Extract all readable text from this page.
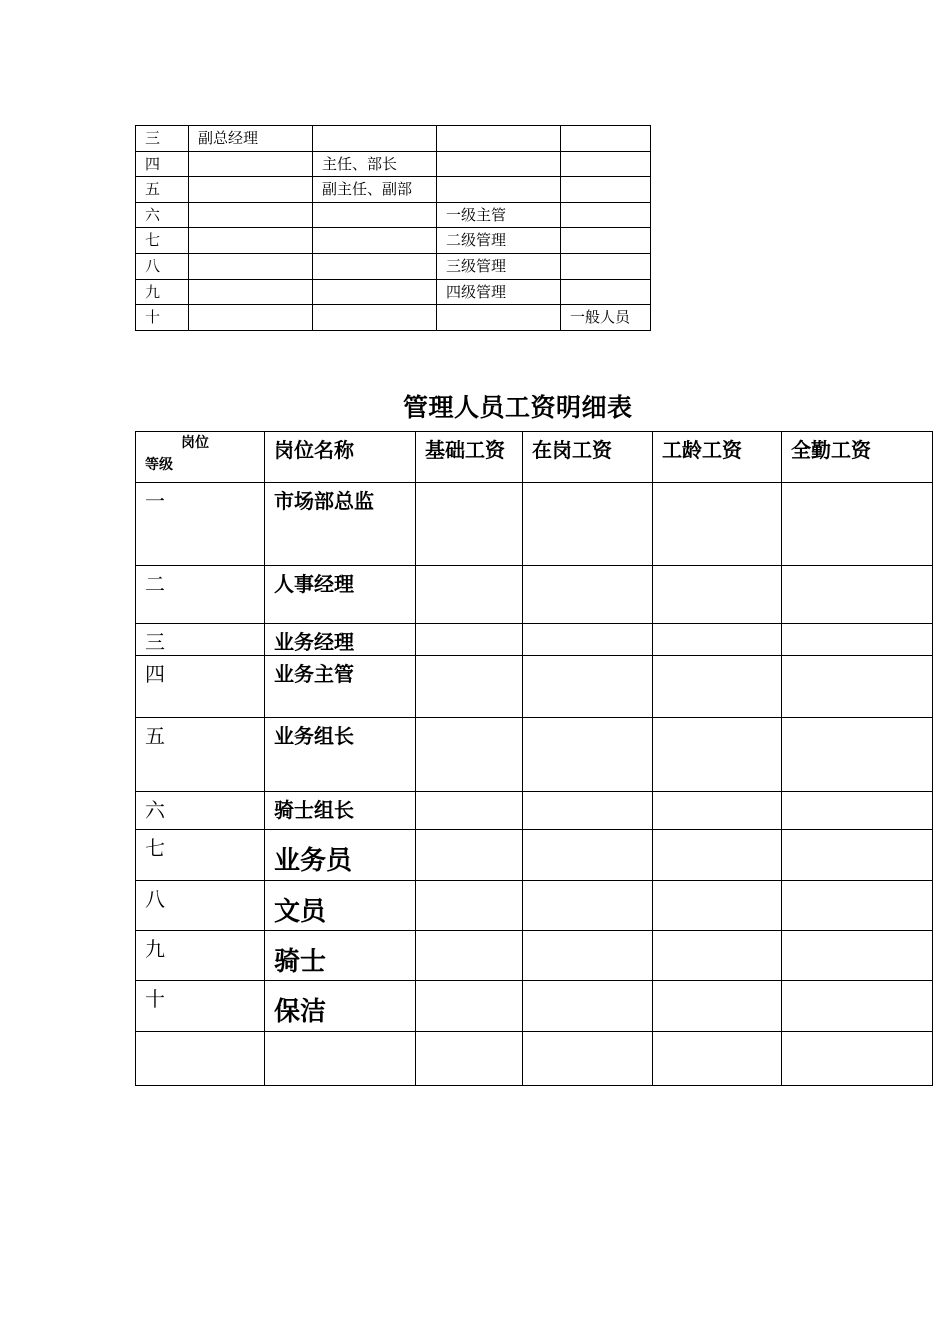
三	副总经理			
四		主任、部长		
五		副主任、副部		
六			一级主管	
七			二级管理	
八			三级管理	
九			四级管理	
十				一般人员
管理人员工资明细表
岗位
等级	岗位名称	基础工资	在岗工资	工龄工资	全勤工资
一	市场部总监				
二	人事经理				
三	业务经理				
四	业务主管				
五	业务组长				
六	骑士组长				
七	业务员				
八	文员				
九	骑士				
十	保洁				
